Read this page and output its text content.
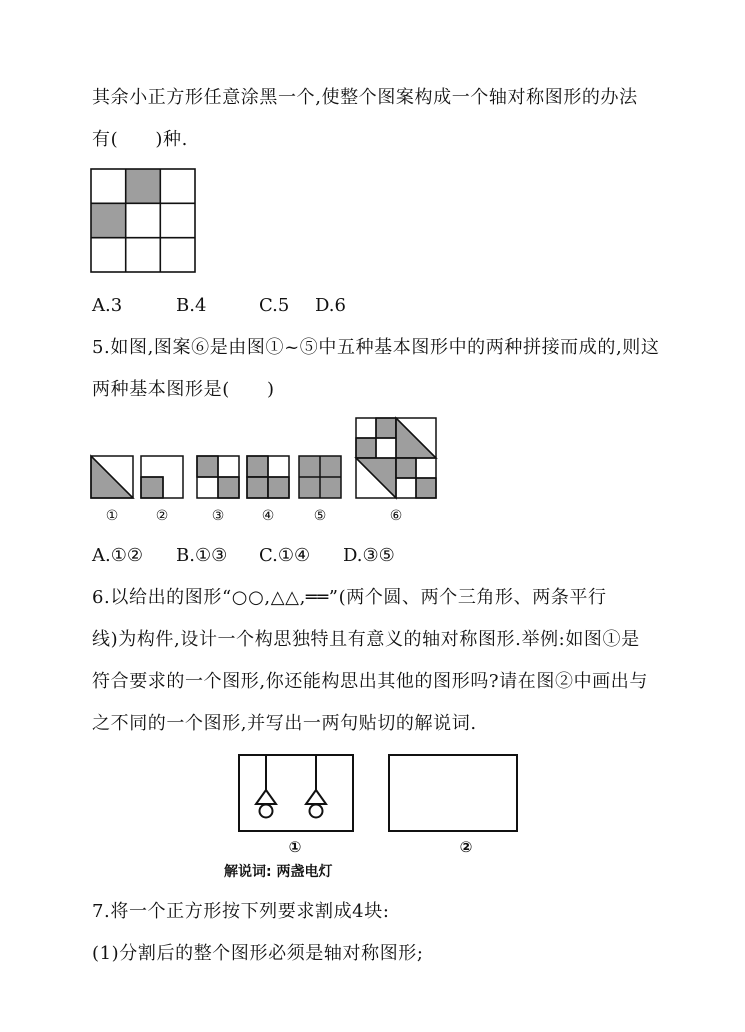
其余小正方形任意涂黑一个,使整个图案构成一个轴对称图形的办法
有(　　)种.
A.3	B.4	C.5 D.6
5.如图,图案⑥是由图①~⑤中五种基本图形中的两种拼接而成的,则这
两种基本图形是(　　)
①	②	③	④	⑤	⑥
A.①② B.①③ C.①④ D.③⑤
6.以给出的图形“○○,△△,══”(两个圆、两个三角形、两条平行
线)为构件,设计一个构思独特且有意义的轴对称图形.举例:如图①是
符合要求的一个图形,你还能构思出其他的图形吗?请在图②中画出与
之不同的一个图形,并写出一两句贴切的解说词.
①	②
解说词: 两盏电灯
7.将一个正方形按下列要求割成4块:
(1)分割后的整个图形必须是轴对称图形;
